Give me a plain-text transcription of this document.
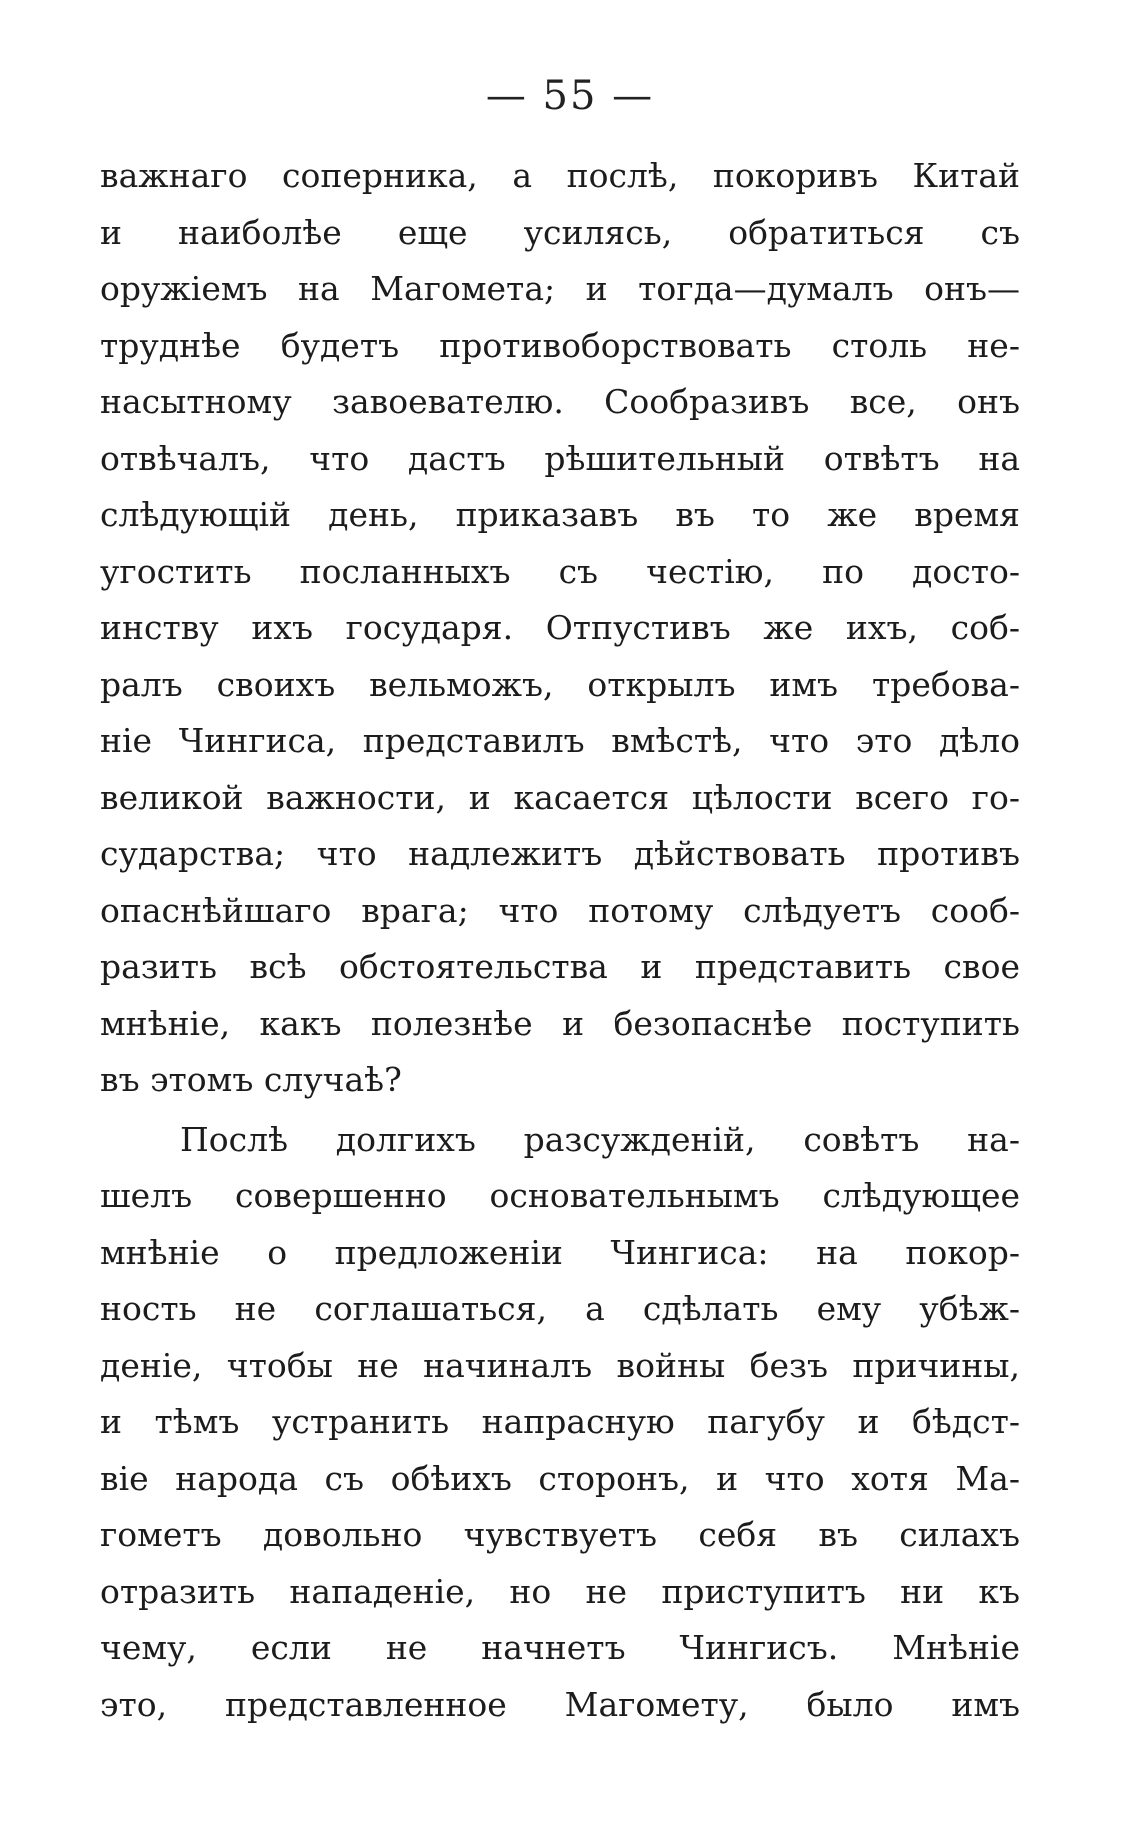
— 55 —
важнаго соперника, а послѣ, покоривъ Китай
и наиболѣе еще усилясь, обратиться съ
оружіемъ на Магомета; и тогда—думалъ онъ—
труднѣе будетъ противоборствовать столь не-
насытному завоевателю. Сообразивъ все, онъ
отвѣчалъ, что дастъ рѣшительный отвѣтъ на
слѣдующій день, приказавъ въ то же время
угостить посланныхъ съ честію, по досто-
инству ихъ государя. Отпустивъ же ихъ, соб-
ралъ своихъ вельможъ, открылъ имъ требова-
ніе Чингиса, представилъ вмѣстѣ, что это дѣло
великой важности, и касается цѣлости всего го-
сударства; что надлежитъ дѣйствовать противъ
опаснѣйшаго врага; что потому слѣдуетъ сооб-
разить всѣ обстоятельства и представить свое
мнѣніе, какъ полезнѣе и безопаснѣе поступить
въ этомъ случаѣ?
Послѣ долгихъ разсужденій, совѣтъ на-
шелъ совершенно основательнымъ слѣдующее
мнѣніе о предложеніи Чингиса: на покор-
ность не соглашаться, а сдѣлать ему убѣж-
деніе, чтобы не начиналъ войны безъ причины,
и тѣмъ устранить напрасную пагубу и бѣдст-
віе народа съ обѣихъ сторонъ, и что хотя Ма-
гометъ довольно чувствуетъ себя въ силахъ
отразить нападеніе, но не приступитъ ни къ
чему, если не начнетъ Чингисъ. Мнѣніе
это, представленное Магомету, было имъ
